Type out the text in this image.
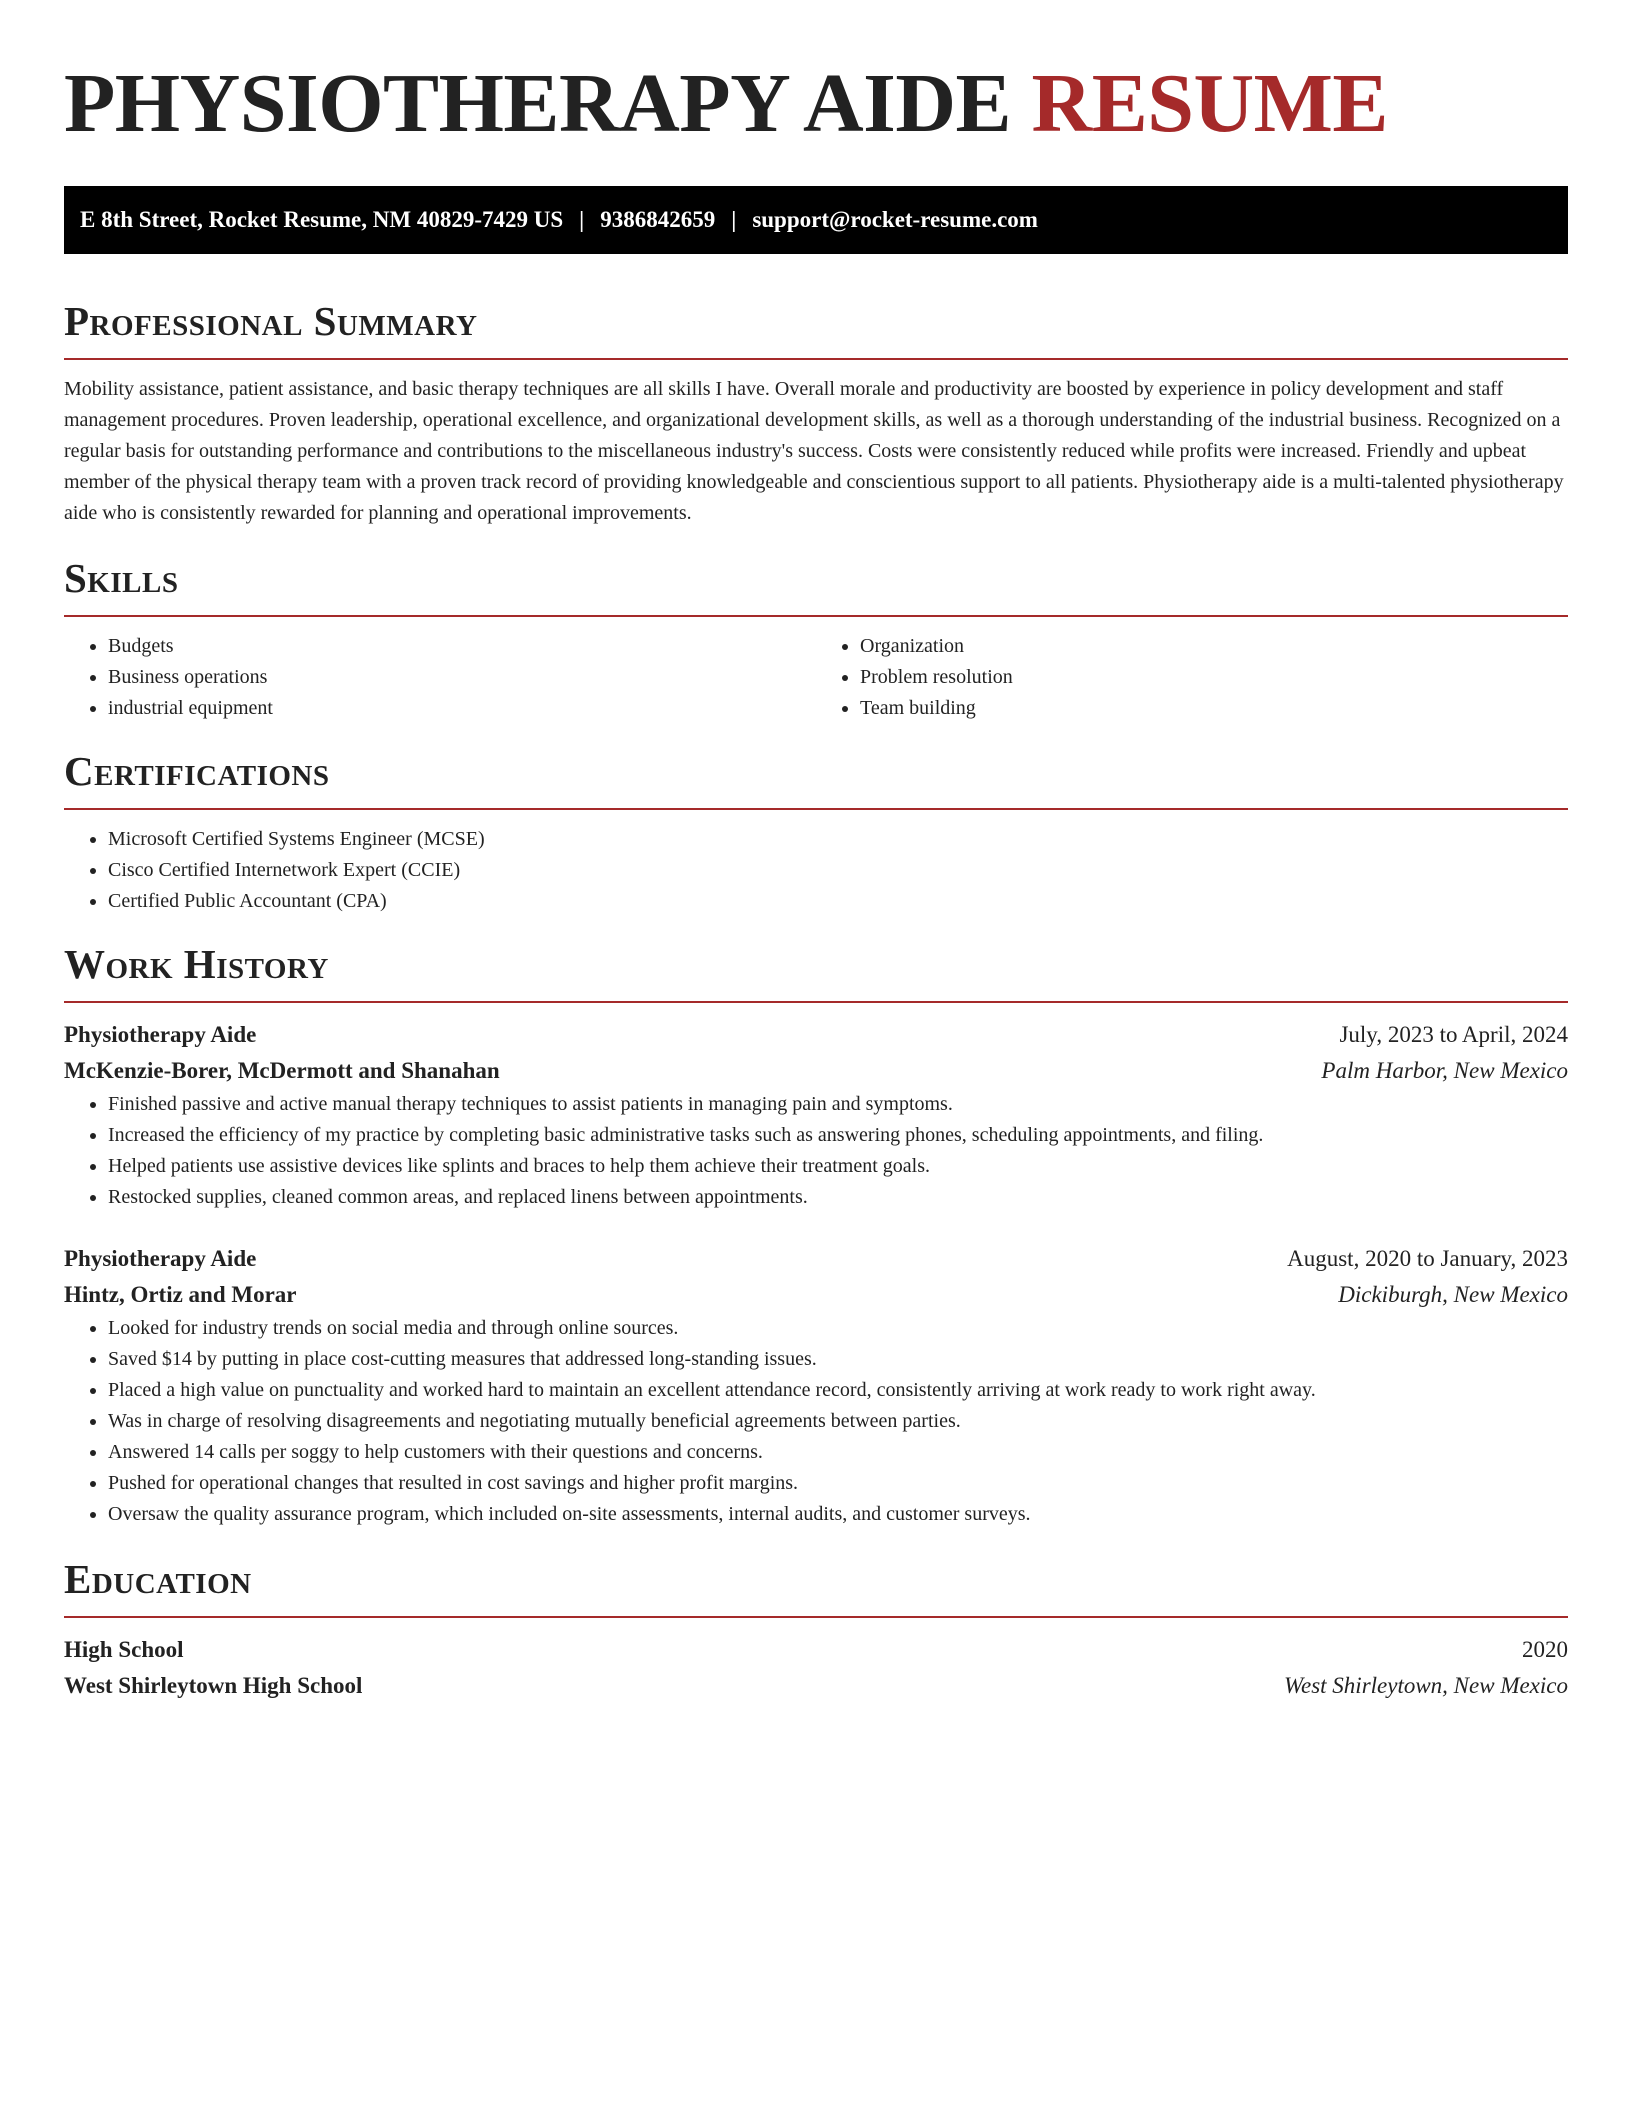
PHYSIOTHERAPY AIDE RESUME
E 8th Street, Rocket Resume, NM 40829-7429 US | 9386842659 | support@rocket-resume.com
Professional Summary

Mobility assistance, patient assistance, and basic therapy techniques are all skills I have. Overall morale and productivity are boosted by experience in policy development and staff management procedures. Proven leadership, operational excellence, and organizational development skills, as well as a thorough understanding of the industrial business. Recognized on a regular basis for outstanding performance and contributions to the miscellaneous industry's success. Costs were consistently reduced while profits were increased. Friendly and upbeat member of the physical therapy team with a proven track record of providing knowledgeable and conscientious support to all patients. Physiotherapy aide is a multi-talented physiotherapy aide who is consistently rewarded for planning and operational improvements.

Skills
• Budgets
• Business operations
• industrial equipment
• Organization
• Problem resolution
• Team building
Certifications
• Microsoft Certified Systems Engineer (MCSE)
• Cisco Certified Internetwork Expert (CCIE)
• Certified Public Accountant (CPA)
Work History
Physiotherapy Aide	July, 2023 to April, 2024
McKenzie-Borer, McDermott and Shanahan	Palm Harbor, New Mexico
• Finished passive and active manual therapy techniques to assist patients in managing pain and symptoms.
• Increased the efficiency of my practice by completing basic administrative tasks such as answering phones, scheduling appointments, and filing.
• Helped patients use assistive devices like splints and braces to help them achieve their treatment goals.
• Restocked supplies, cleaned common areas, and replaced linens between appointments.
Physiotherapy Aide	August, 2020 to January, 2023
Hintz, Ortiz and Morar	Dickiburgh, New Mexico
• Looked for industry trends on social media and through online sources.
• Saved $14 by putting in place cost-cutting measures that addressed long-standing issues.
• Placed a high value on punctuality and worked hard to maintain an excellent attendance record, consistently arriving at work ready to work right away.
• Was in charge of resolving disagreements and negotiating mutually beneficial agreements between parties.
• Answered 14 calls per soggy to help customers with their questions and concerns.
• Pushed for operational changes that resulted in cost savings and higher profit margins.
• Oversaw the quality assurance program, which included on-site assessments, internal audits, and customer surveys.
Education
High School	2020
West Shirleytown High School	West Shirleytown, New Mexico
